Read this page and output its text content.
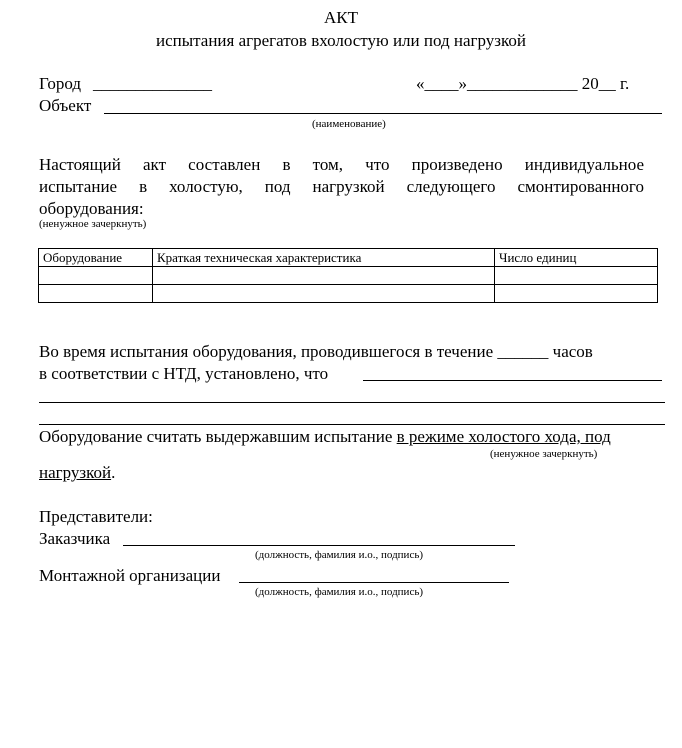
АКТ
испытания агрегатов вхолостую или под нагрузкой
Город ______________	«____»_____________ 20__ г.
Объект
(наименование)
Настоящий акт составлен в том, что произведено индивидуальное
испытание в холостую, под нагрузкой следующего смонтированного
оборудования:
(ненужное зачеркнуть)
Оборудование	Краткая техническая характеристика	Число единиц

Во время испытания оборудования, проводившегося в течение ______ часов
в соответствии с НТД, установлено, что
Оборудование считать выдержавшим испытание в режиме холостого хода, под
(ненужное зачеркнуть)
нагрузкой.
Представители:
Заказчика
(должность, фамилия и.о., подпись)
Монтажной организации
(должность, фамилия и.о., подпись)
